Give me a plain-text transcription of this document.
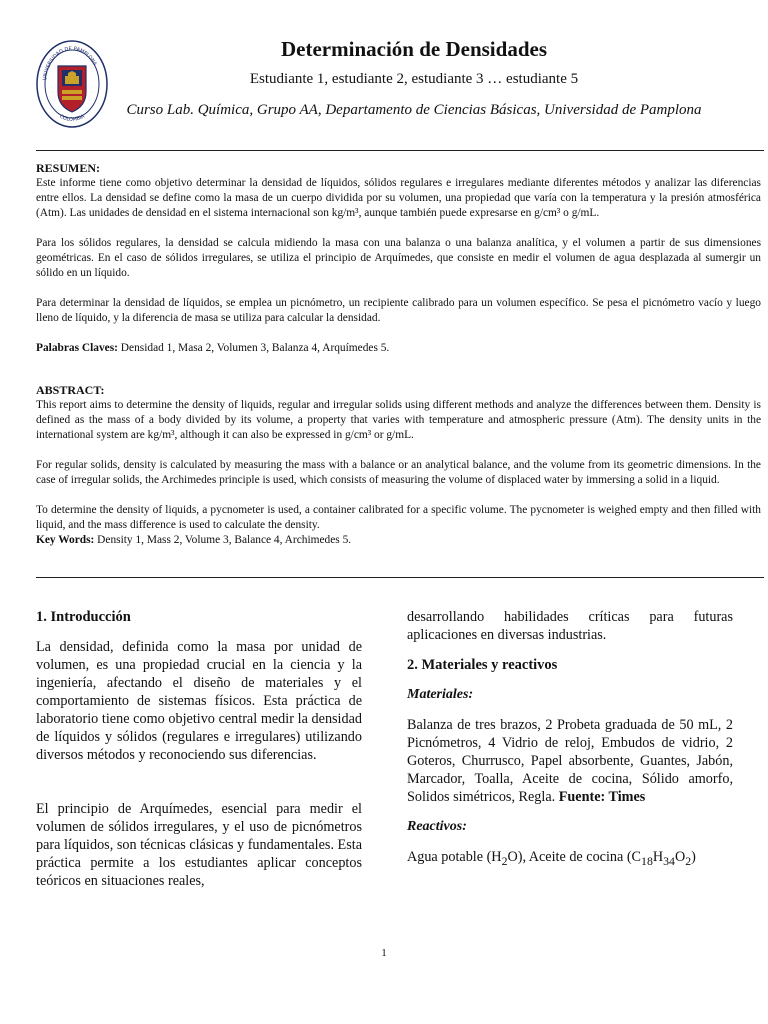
UNIVERSIDAD DE PAMPLONA
COLOMBIA
Determinación de Densidades
Estudiante 1, estudiante 2, estudiante 3 … estudiante 5
Curso Lab. Química, Grupo AA, Departamento de Ciencias Básicas, Universidad de Pamplona

RESUMEN:

Este informe tiene como objetivo determinar la densidad de líquidos, sólidos regulares e irregulares mediante diferentes métodos y analizar las diferencias entre ellos. La densidad se define como la masa de un cuerpo dividida por su volumen, una propiedad que varía con la temperatura y la presión atmosférica (Atm). Las unidades de densidad en el sistema internacional son kg/m³, aunque también puede expresarse en g/cm³ o g/mL.

Para los sólidos regulares, la densidad se calcula midiendo la masa con una balanza o una balanza analítica, y el volumen a partir de sus dimensiones geométricas. En el caso de sólidos irregulares, se utiliza el principio de Arquímedes, que consiste en medir el volumen de agua desplazada al sumergir un sólido en un líquido.

Para determinar la densidad de líquidos, se emplea un picnómetro, un recipiente calibrado para un volumen específico. Se pesa el picnómetro vacío y luego lleno de líquido, y la diferencia de masa se utiliza para calcular la densidad.

Palabras Claves: Densidad 1, Masa 2, Volumen 3, Balanza 4, Arquímedes 5.

ABSTRACT:

This report aims to determine the density of liquids, regular and irregular solids using different methods and analyze the differences between them. Density is defined as the mass of a body divided by its volume, a property that varies with temperature and atmospheric pressure (Atm). The density units in the international system are kg/m³, although it can also be expressed in g/cm³ or g/mL.

For regular solids, density is calculated by measuring the mass with a balance or an analytical balance, and the volume from its geometric dimensions. In the case of irregular solids, the Archimedes principle is used, which consists of measuring the volume of displaced water by immersing a solid in a liquid.

To determine the density of liquids, a pycnometer is used, a container calibrated for a specific volume. The pycnometer is weighed empty and then filled with liquid, and the mass difference is used to calculate the density.

Key Words: Density 1, Mass 2, Volume 3, Balance 4, Archimedes 5.

1. Introducción

La densidad, definida como la masa por unidad de volumen, es una propiedad crucial en la ciencia y la ingeniería, afectando el diseño de materiales y el comportamiento de sistemas físicos. Esta práctica de laboratorio tiene como objetivo central medir la densidad de líquidos y sólidos (regulares e irregulares) utilizando diversos métodos y reconociendo sus diferencias.

El principio de Arquímedes, esencial para medir el volumen de sólidos irregulares, y el uso de picnómetros para líquidos, son técnicas clásicas y fundamentales. Esta práctica permite a los estudiantes aplicar conceptos teóricos en situaciones reales,

desarrollando habilidades críticas para futuras aplicaciones en diversas industrias.

2. Materiales y reactivos
Materiales:

Balanza de tres brazos, 2 Probeta graduada de 50 mL, 2 Picnómetros, 4 Vidrio de reloj, Embudos de vidrio, 2 Goteros, Churrusco, Papel absorbente, Guantes, Jabón, Marcador, Toalla, Aceite de cocina, Sólido amorfo, Solidos simétricos, Regla. Fuente: Times

Reactivos:

Agua potable $(H_2O)$, Aceite de cocina $(C_{18}H_{34}O_2)$

1
